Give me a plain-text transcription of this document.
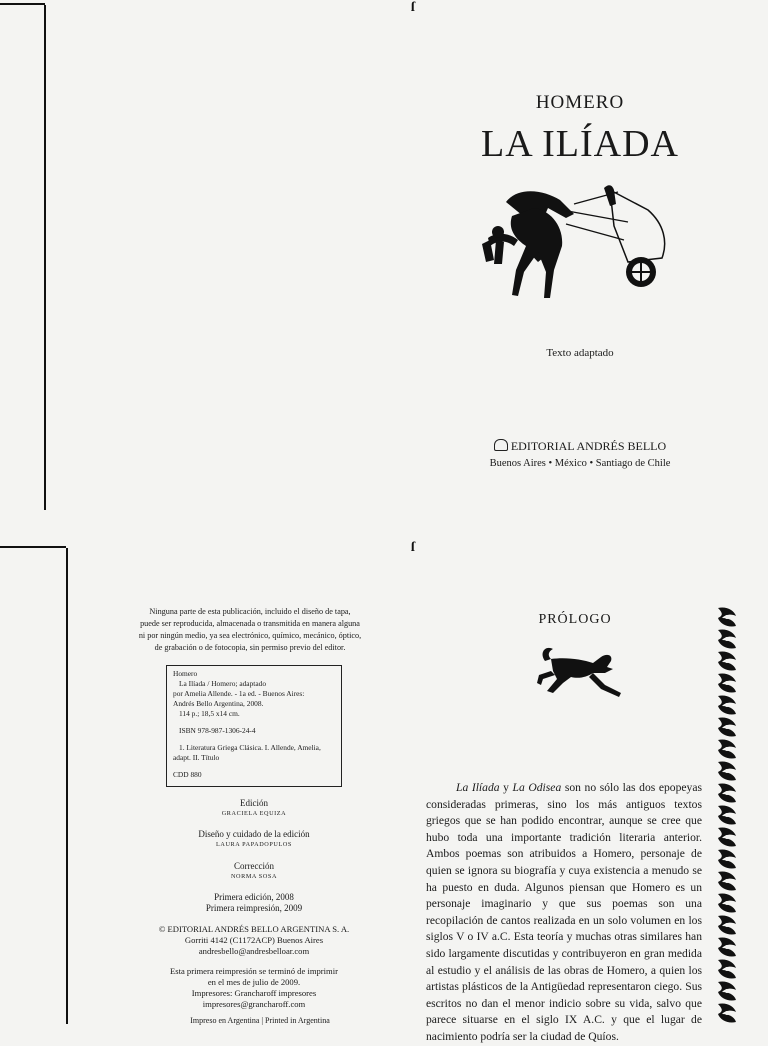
ſ
ſ
HOMERO
LA ILÍADA
Texto adaptado
EDITORIAL ANDRÉS BELLO
Buenos Aires • México • Santiago de Chile
Ninguna parte de esta publicación, incluido el diseño de tapa,
puede ser reproducida, almacenada o transmitida en manera alguna
ni por ningún medio, ya sea electrónico, químico, mecánico, óptico,
de grabación o de fotocopia, sin permiso previo del editor.
Homero
La Ilíada / Homero; adaptado
por Amelia Allende. - 1a ed. - Buenos Aires:
Andrés Bello Argentina, 2008.
114 p.; 18,5 x14 cm.
ISBN 978-987-1306-24-4
1. Literatura Griega Clásica. I. Allende, Amelia,
adapt. II. Título
CDD 880
Edición
GRACIELA EQUIZA
Diseño y cuidado de la edición
LAURA PAPADOPULOS
Corrección
NORMA SOSA
Primera edición, 2008
Primera reimpresión, 2009
© EDITORIAL ANDRÉS BELLO ARGENTINA S. A.
Gorriti 4142 (C1172ACP) Buenos Aires
andresbello@andresbelloar.com
Esta primera reimpresión se terminó de imprimir
en el mes de julio de 2009.
Impresores: Grancharoff impresores
impresores@grancharoff.com
Impreso en Argentina | Printed in Argentina
PRÓLOGO

La Ilíada y La Odisea son no sólo las dos epopeyas consideradas primeras, sino los más antiguos textos griegos que se han podido encontrar, aunque se cree que hubo toda una importante tradición literaria anterior. Ambos poemas son atribuidos a Homero, personaje de quien se ignora su biografía y cuya existencia a menudo se ha puesto en duda. Algunos piensan que Homero es un personaje imaginario y que sus poemas son una recopilación de cantos realizada en un solo volumen en los siglos V o IV a.C. Esta teoría y muchas otras similares han sido largamente discutidas y contribuyeron en gran medida al estudio y el análisis de las obras de Homero, a quien los artistas plásticos de la Antigüedad representaron ciego. Sus escritos no dan el menor indicio sobre su vida, salvo que parece situarse en el siglo IX A.C. y que el lugar de nacimiento podría ser la ciudad de Quíos.
